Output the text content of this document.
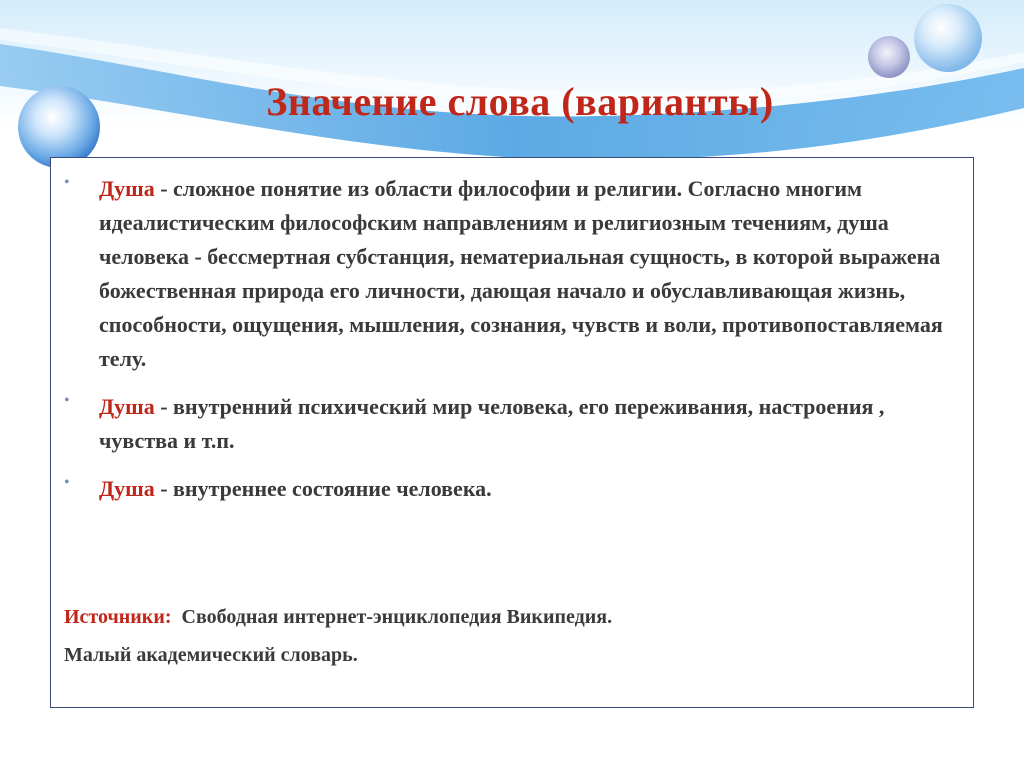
Значение слова (варианты)
• Душа - сложное понятие из области философии и религии. Согласно многим идеалистическим философским направлениям и религиозным течениям, душа человека - бессмертная субстанция, нематериальная сущность, в которой выражена божественная природа его личности, дающая начало и обуславливающая жизнь, способности, ощущения, мышления, сознания, чувств и воли, противопоставляемая телу.
• Душа - внутренний психический мир человека, его переживания, настроения , чувства и т.п.
• Душа - внутреннее состояние человека.
Источники:  Свободная интернет-энциклопедия Википедия.
Малый академический словарь.
